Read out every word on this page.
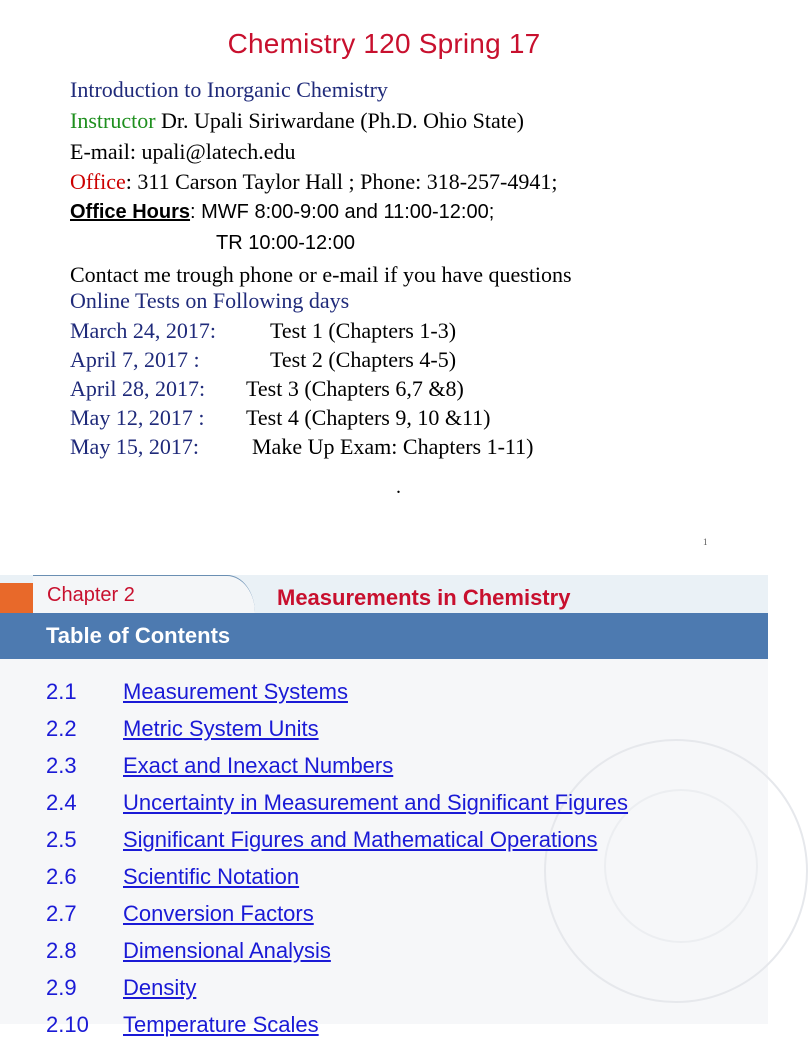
Chemistry 120 Spring 17
Introduction to Inorganic Chemistry
Instructor Dr. Upali Siriwardane (Ph.D. Ohio State)
E-mail: upali@latech.edu
Office: 311 Carson Taylor Hall ; Phone: 318-257-4941;
Office Hours: MWF 8:00-9:00 and 11:00-12:00;
TR 10:00-12:00
Contact me trough phone or e-mail if you have questions
Online Tests on Following days
March 24, 2017: Test 1 (Chapters 1-3)
April 7, 2017 :	Test 2 (Chapters 4-5)
April 28, 2017: Test 3 (Chapters 6,7 &8)
May 12, 2017 : Test 4 (Chapters 9, 10 &11)
May 15, 2017: Make Up Exam: Chapters 1-11)
.
1
Chapter 2	Measurements in Chemistry
Table of Contents
2.1 Measurement Systems
2.2 Metric System Units
2.3 Exact and Inexact Numbers
2.4 Uncertainty in Measurement and Significant Figures
2.5 Significant Figures and Mathematical Operations
2.6 Scientific Notation
2.7 Conversion Factors
2.8 Dimensional Analysis
2.9 Density
2.10 Temperature Scales
